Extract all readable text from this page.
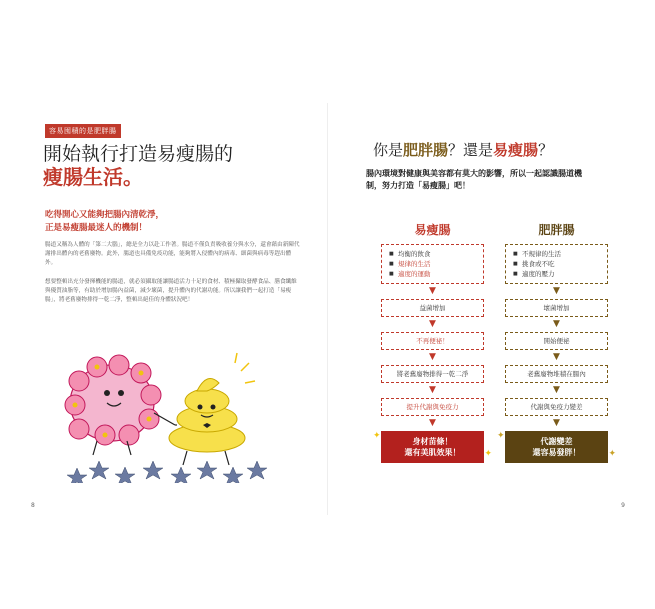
容易囤積的是肥胖腸
開始執行打造易瘦腸的
瘦腸生活。
吃得開心又能夠把腸內清乾淨，
正是易瘦腸最迷人的機制！
腸道又稱為人體的「第二大腦」，總是全力以赴工作著。腸道不僅負責吸收養分與水分，還會藉由新陳代謝排出體內的老舊廢物。此外，腸道也具備免疫功能，能夠將入侵體內的病毒、細菌與病毒等趕出體外。
想要整頓出充分發揮機能的腸道，就必須攝取能讓腸道活力十足的食材、積極攝取發酵食品、膳食纖維與優質油脂等，有助於增加腸內益菌，減少壞菌，提升體內的代謝功能。所以讓我們一起打造「易瘦腸」，將老舊廢物排得一乾二淨，整頓出絕佳的身體狀況吧！
8
你是肥胖腸？還是易瘦腸？
腸內環境對健康與美容都有莫大的影響，所以一起認識腸道機制，努力打造「易瘦腸」吧！
易瘦腸
■ 均衡的飲食
■ 規律的生活
■ 適度的運動
▼
益菌增加
▼
不再便祕！
▼
將老舊廢物排得一乾二淨
▼
提升代謝與免疫力
▼
✦
✦
身材苗條！
還有美肌效果！
肥胖腸
■ 不規律的生活
■ 挑食或不吃
■ 適度的壓力
▼
壞菌增加
▼
開始便祕
▼
老舊廢物堆積在腸內
▼
代謝與免疫力變差
▼
✦
✦
代謝變差
還容易發胖！
9
